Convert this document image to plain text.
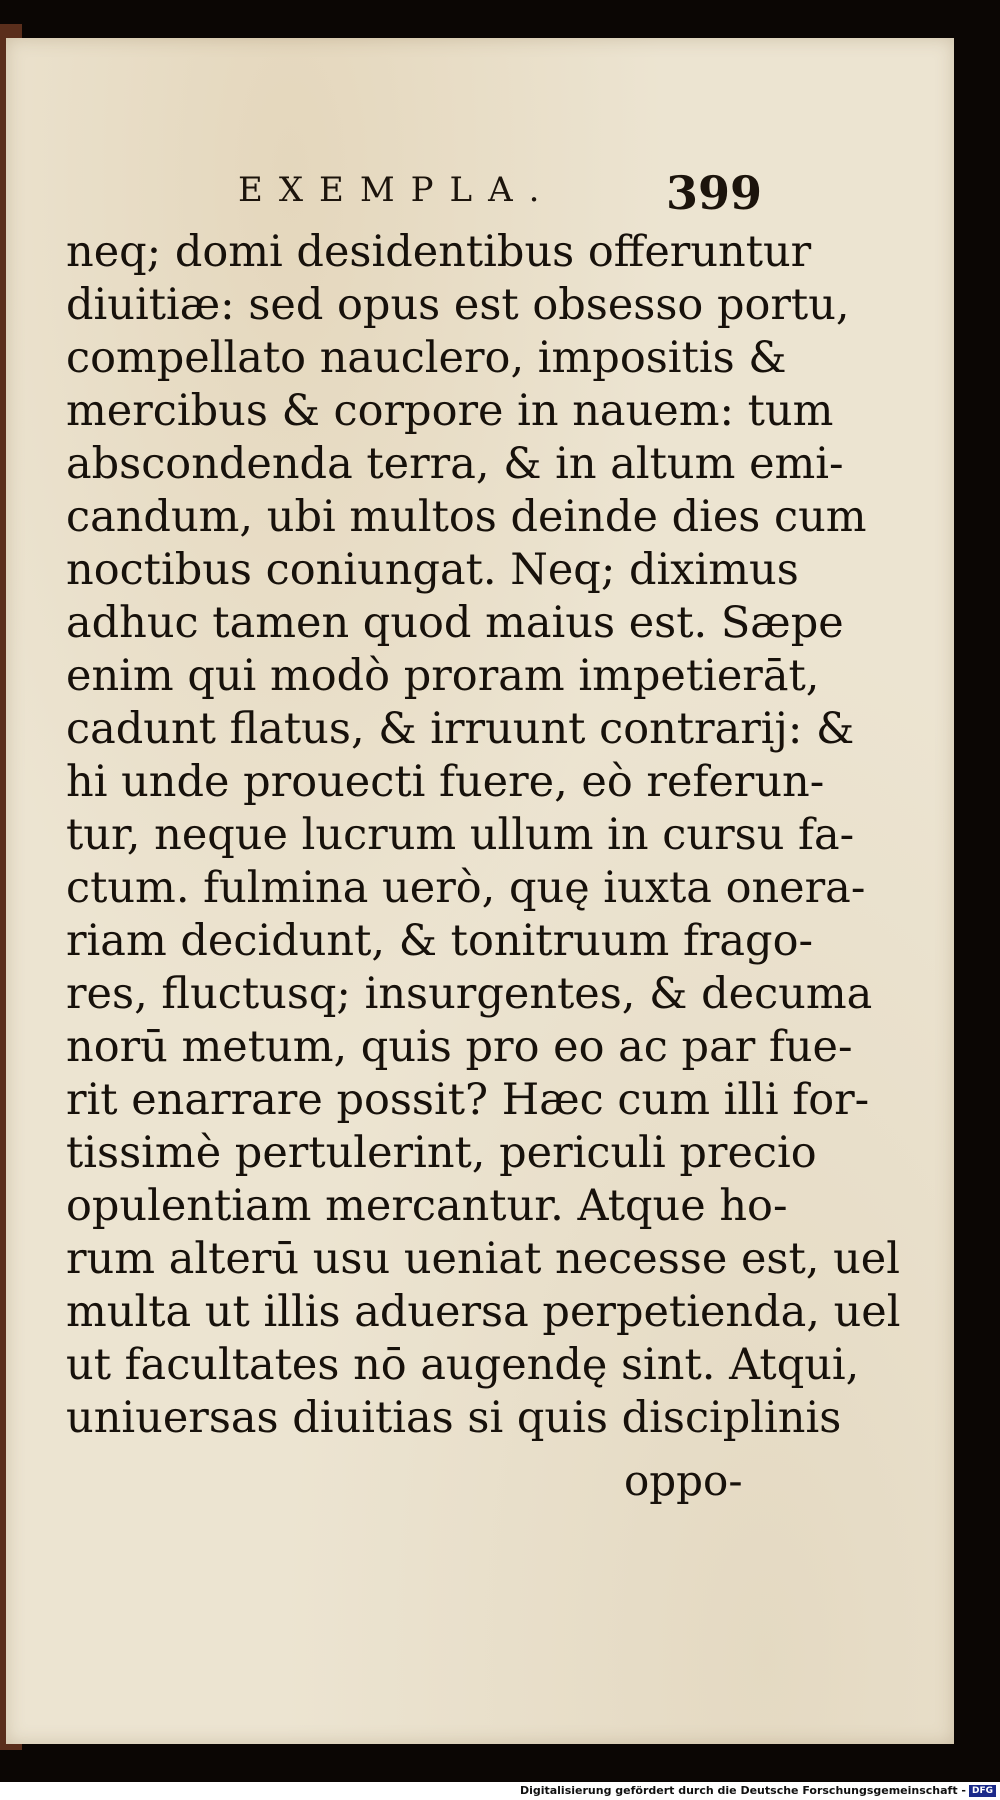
EXEMPLA. 399
neq; domi desidentibus offeruntur
diuitiæ: sed opus est obsesso portu,
compellato nauclero, impositis &
mercibus & corpore in nauem: tum
abscondenda terra, & in altum emi-
candum, ubi multos deinde dies cum
noctibus coniungat. Neq; diximus
adhuc tamen quod maius est. Sæpe
enim qui modò proram impetierāt,
cadunt flatus, & irruunt contrarij: &
hi unde prouecti fuere, eò referun-
tur, neque lucrum ullum in cursu fa-
ctum. fulmina uerò, quę iuxta onera-
riam decidunt, & tonitruum frago-
res, fluctusq; insurgentes, & decuma
norū metum, quis pro eo ac par fue-
rit enarrare possit? Hæc cum illi for-
tissimè pertulerint, periculi precio
opulentiam mercantur. Atque ho-
rum alterū usu ueniat necesse est, uel
multa ut illis aduersa perpetienda, uel
ut facultates nō augendę sint. Atqui,
uniuersas diuitias si quis disciplinis
oppo-
Digitalisierung gefördert durch die Deutsche Forschungsgemeinschaft - DFG
